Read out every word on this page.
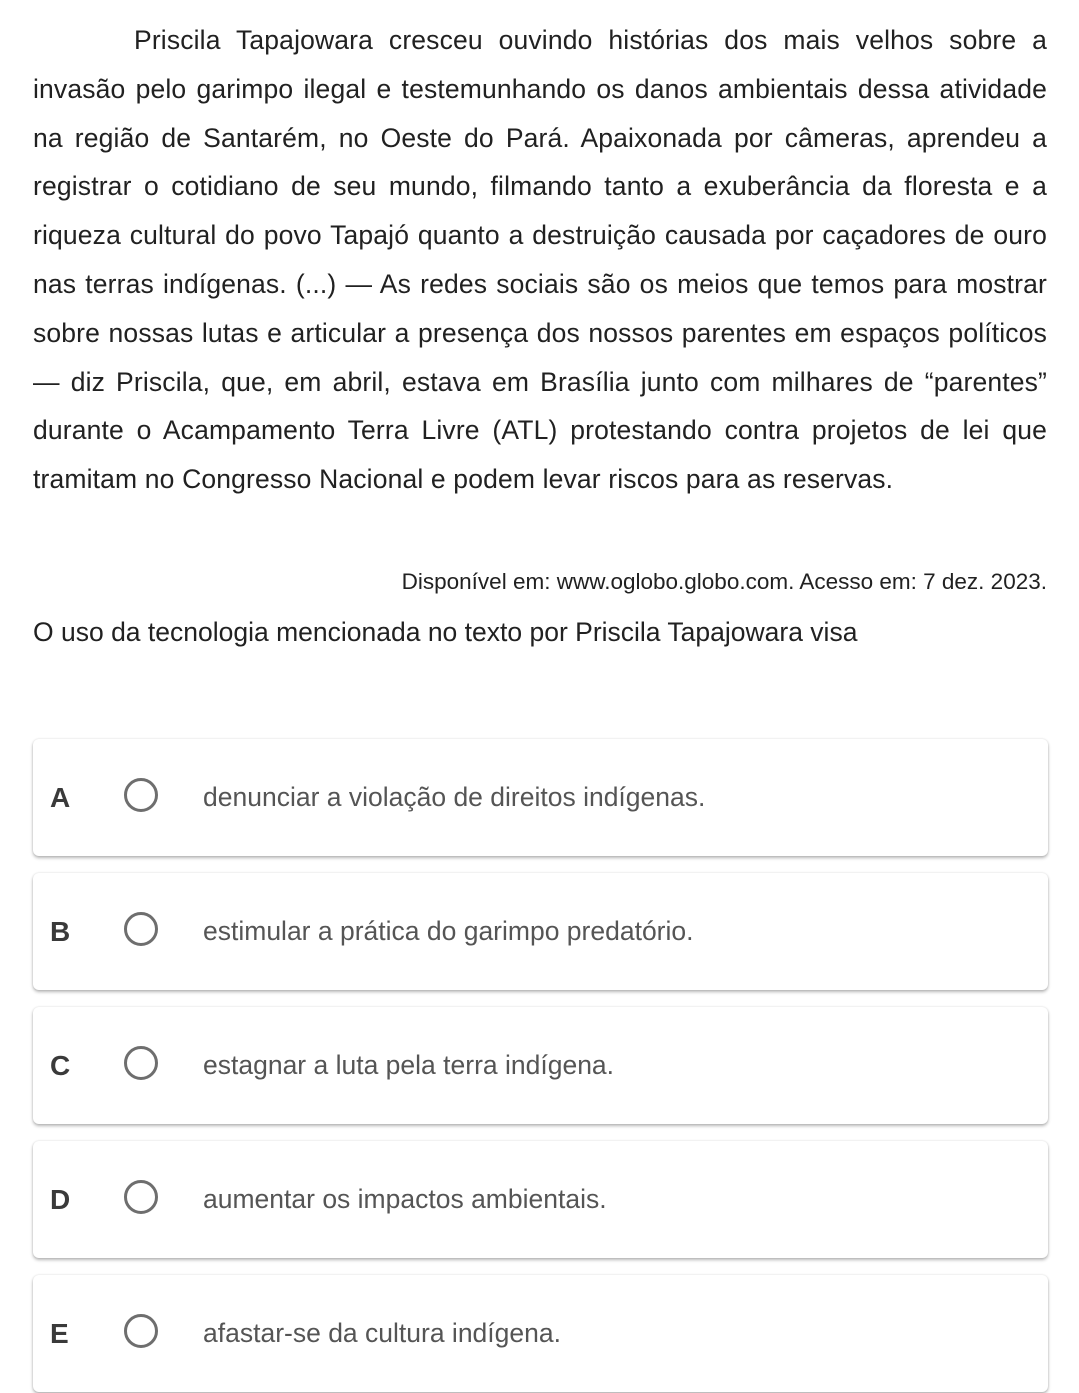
Priscila Tapajowara cresceu ouvindo histórias dos mais velhos sobre a invasão pelo garimpo ilegal e testemunhando os danos ambientais dessa atividade na região de Santarém, no Oeste do Pará. Apaixonada por câmeras, aprendeu a registrar o cotidiano de seu mundo, filmando tanto a exuberância da floresta e a riqueza cultural do povo Tapajó quanto a destruição causada por caçadores de ouro nas terras indígenas. (...) — As redes sociais são os meios que temos para mostrar sobre nossas lutas e articular a presença dos nossos parentes em espaços políticos — diz Priscila, que, em abril, estava em Brasília junto com milhares de “parentes” durante o Acampamento Terra Livre (ATL) protestando contra projetos de lei que tramitam no Congresso Nacional e podem levar riscos para as reservas.

Disponível em: www.oglobo.globo.com. Acesso em: 7 dez. 2023.
O uso da tecnologia mencionada no texto por Priscila Tapajowara visa
A	denunciar a violação de direitos indígenas.
B	estimular a prática do garimpo predatório.
C	estagnar a luta pela terra indígena.
D	aumentar os impactos ambientais.
E	afastar-se da cultura indígena.
